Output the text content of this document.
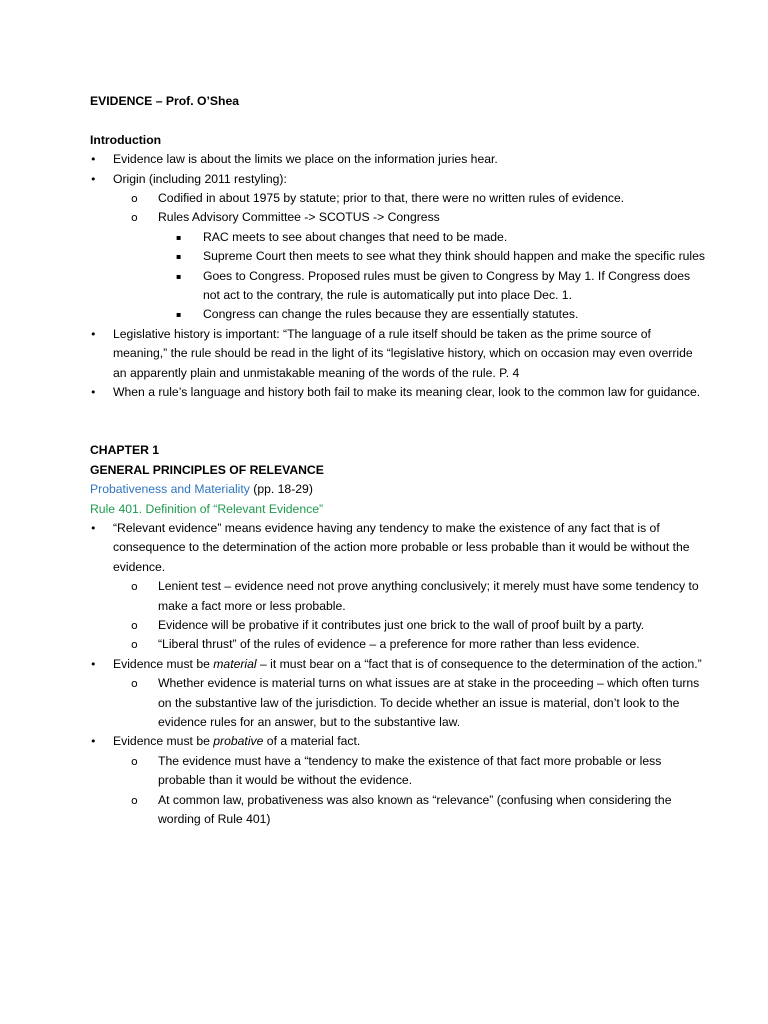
EVIDENCE – Prof. O’Shea

Introduction

•	Evidence law is about the limits we place on the information juries hear.
•	Origin (including 2011 restyling):
o	Codified in about 1975 by statute; prior to that, there were no written rules of evidence.
o	Rules Advisory Committee -> SCOTUS -> Congress
▪	RAC meets to see about changes that need to be made.
▪	Supreme Court then meets to see what they think should happen and make the specific rules
▪	Goes to Congress. Proposed rules must be given to Congress by May 1. If Congress does not act to the contrary, the rule is automatically put into place Dec. 1.
▪	Congress can change the rules because they are essentially statutes.
•	Legislative history is important: “The language of a rule itself should be taken as the prime source of meaning,” the rule should be read in the light of its “legislative history, which on occasion may even override an apparently plain and unmistakable meaning of the words of the rule. P. 4
•	When a rule’s language and history both fail to make its meaning clear, look to the common law for guidance.

CHAPTER 1

GENERAL PRINCIPLES OF RELEVANCE

Probativeness and Materiality (pp. 18-29)

Rule 401. Definition of “Relevant Evidence”

•	“Relevant evidence” means evidence having any tendency to make the existence of any fact that is of consequence to the determination of the action more probable or less probable than it would be without the evidence.
o	Lenient test – evidence need not prove anything conclusively; it merely must have some tendency to make a fact more or less probable.
o	Evidence will be probative if it contributes just one brick to the wall of proof built by a party.
o	“Liberal thrust” of the rules of evidence – a preference for more rather than less evidence.
•	Evidence must be material – it must bear on a “fact that is of consequence to the determination of the action.”
o	Whether evidence is material turns on what issues are at stake in the proceeding – which often turns on the substantive law of the jurisdiction. To decide whether an issue is material, don’t look to the evidence rules for an answer, but to the substantive law.
•	Evidence must be probative of a material fact.
o	The evidence must have a “tendency to make the existence of that fact more probable or less probable than it would be without the evidence.
o	At common law, probativeness was also known as “relevance” (confusing when considering the wording of Rule 401)
